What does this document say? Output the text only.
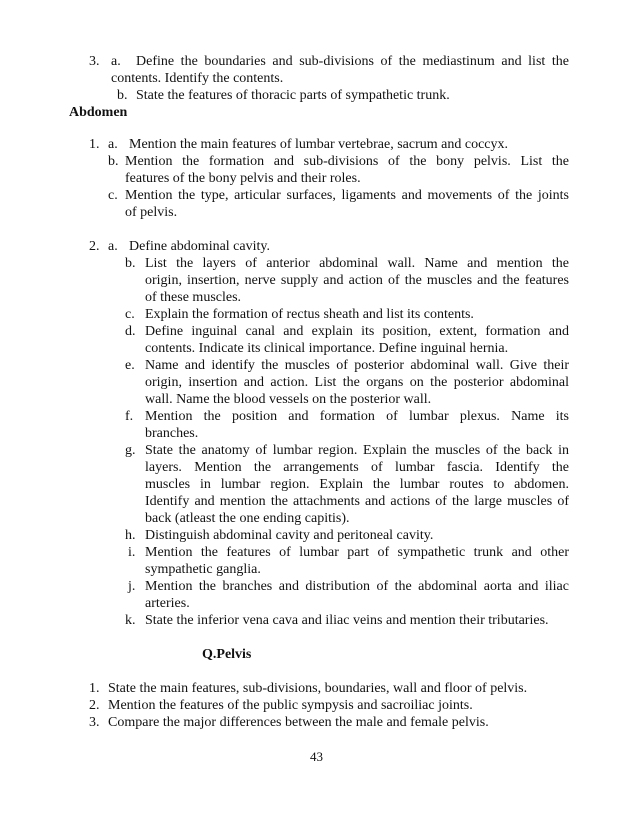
3. a. Define the boundaries and sub-divisions of the mediastinum and list the
contents. Identify the contents.
b. State the features of thoracic parts of sympathetic trunk.
Abdomen
1. a. Mention the main features of lumbar vertebrae, sacrum and coccyx.
b. Mention the formation and sub-divisions of the bony pelvis. List the
features of the bony pelvis and their roles.
c. Mention the type, articular surfaces, ligaments and movements of the joints
of pelvis.
2. a. Define abdominal cavity.
b. List the layers of anterior abdominal wall. Name and mention the
origin, insertion, nerve supply and action of the muscles and the features
of these muscles.
c. Explain the formation of rectus sheath and list its contents.
d. Define inguinal canal and explain its position, extent, formation and
contents. Indicate its clinical importance. Define inguinal hernia.
e. Name and identify the muscles of posterior abdominal wall. Give their
origin, insertion and action. List the organs on the posterior abdominal
wall. Name the blood vessels on the posterior wall.
f. Mention the position and formation of lumbar plexus. Name its
branches.
g. State the anatomy of lumbar region. Explain the muscles of the back in
layers. Mention the arrangements of lumbar fascia. Identify the
muscles in lumbar region. Explain the lumbar routes to abdomen.
Identify and mention the attachments and actions of the large muscles of
back (atleast the one ending capitis).
h. Distinguish abdominal cavity and peritoneal cavity.
i. Mention the features of lumbar part of sympathetic trunk and other
sympathetic ganglia.
j. Mention the branches and distribution of the abdominal aorta and iliac
arteries.
k. State the inferior vena cava and iliac veins and mention their tributaries.
Q.Pelvis
1. State the main features, sub-divisions, boundaries, wall and floor of pelvis.
2. Mention the features of the public sympysis and sacroiliac joints.
3. Compare the major differences between the male and female pelvis.
43
